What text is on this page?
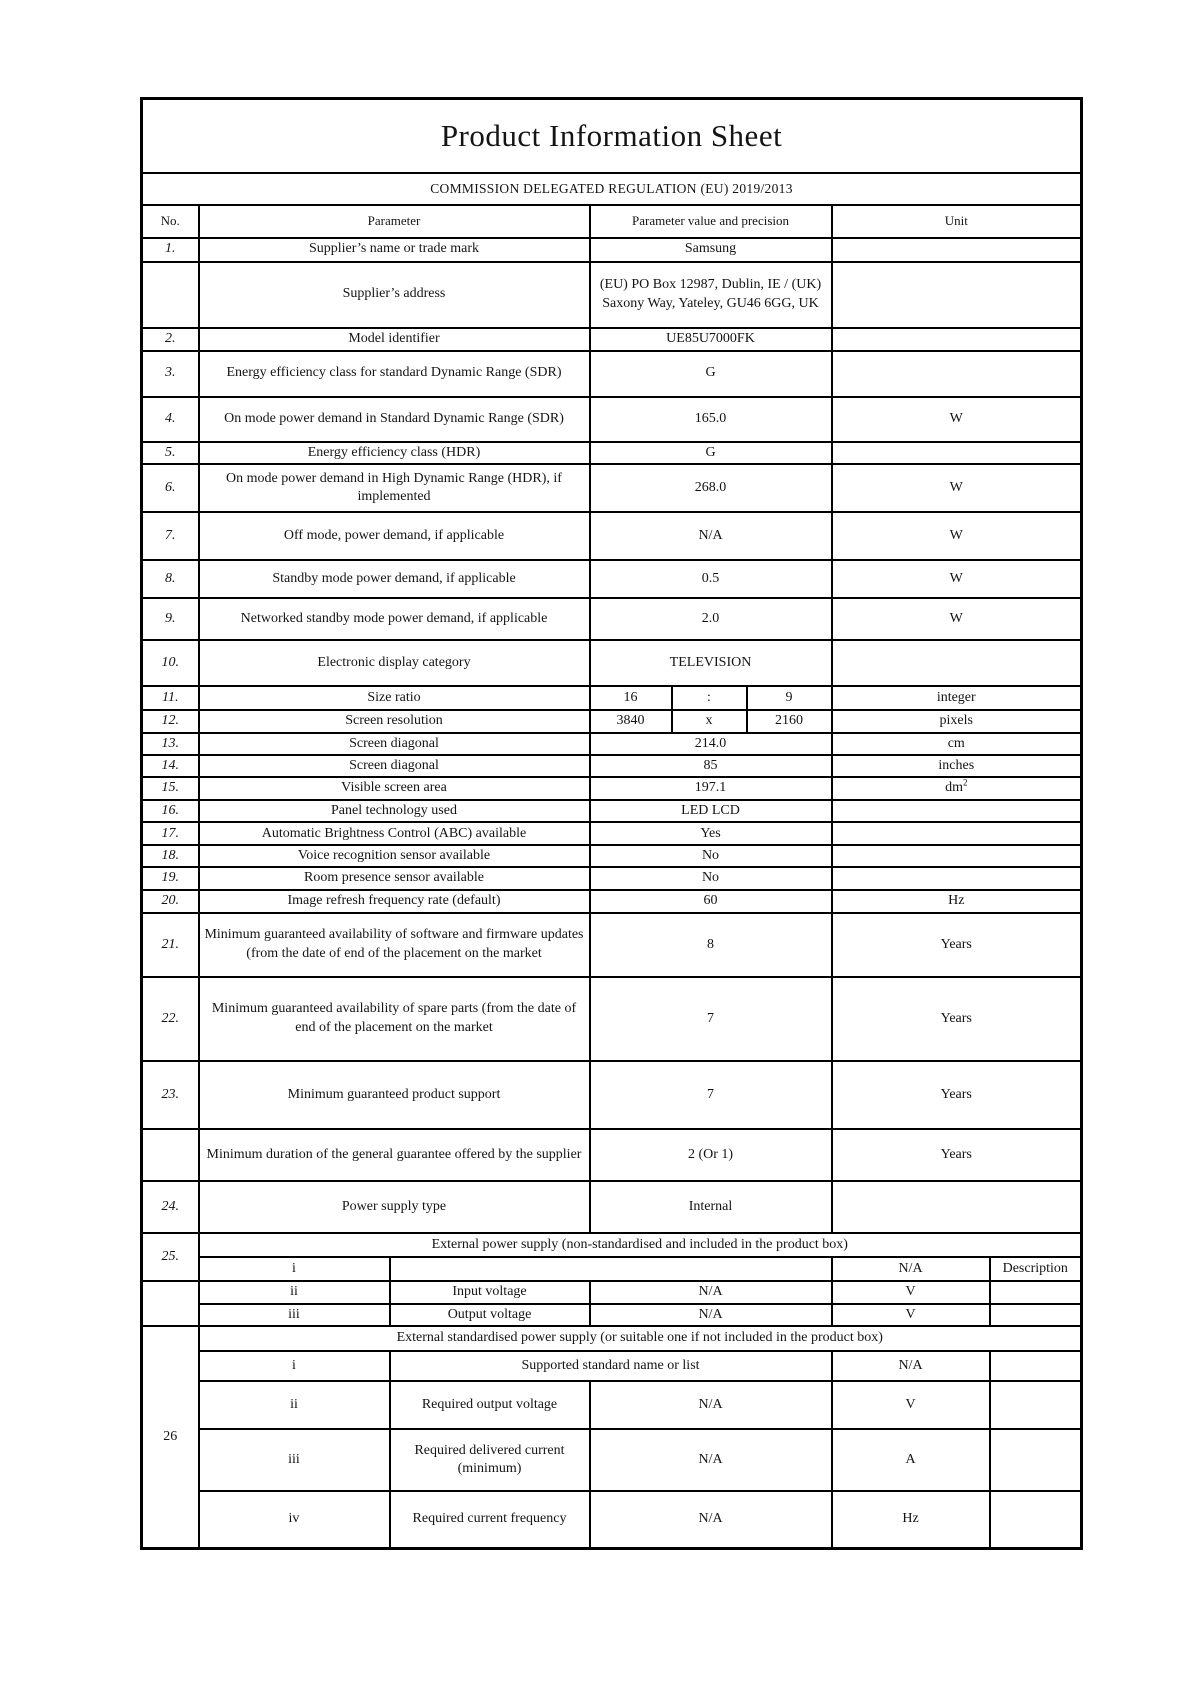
Product Information Sheet							
COMMISSION DELEGATED REGULATION (EU) 2019/2013							
No.	Parameter		Parameter value and precision			Unit	
1.	Supplier’s name or trade mark		Samsung				
	Supplier’s address		(EU) PO Box 12987, Dublin, IE / (UK) Saxony Way, Yateley, GU46 6GG, UK				
2.	Model identifier		UE85U7000FK				
3.	Energy efficiency class for standard Dynamic Range (SDR)		G				
4.	On mode power demand in Standard Dynamic Range (SDR)		165.0			W	
5.	Energy efficiency class (HDR)		G				
6.	On mode power demand in High Dynamic Range (HDR), if implemented		268.0			W	
7.	Off mode, power demand, if applicable		N/A			W	
8.	Standby mode power demand, if applicable		0.5			W	
9.	Networked standby mode power demand, if applicable		2.0			W	
10.	Electronic display category		TELEVISION				
11.	Size ratio		16	:	9	integer	
12.	Screen resolution		3840	x	2160	pixels	
13.	Screen diagonal		214.0			cm	
14.	Screen diagonal		85			inches	
15.	Visible screen area		197.1			$dm^2$
16.	Panel technology used		LED LCD				
17.	Automatic Brightness Control (ABC) available		Yes				
18.	Voice recognition sensor available		No				
19.	Room presence sensor available		No				
20.	Image refresh frequency rate (default)		60			Hz	
21.	Minimum guaranteed availability of software and firmware updates (from the date of end of the placement on the market		8			Years	
22.	Minimum guaranteed availability of spare parts (from the date of end of the placement on the market		7			Years	
23.	Minimum guaranteed product support		7			Years	
	Minimum duration of the general guarantee offered by the supplier		2 (Or 1)			Years	
24.	Power supply type		Internal				
25.	External power supply (non-standardised and included in the product box)						
	i					N/A	Description
	ii	Input voltage	N/A			V	
	iii	Output voltage	N/A			V	
26	External standardised power supply (or suitable one if not included in the product box)						
	i	Supported standard name or list				N/A	
	ii	Required output voltage	N/A			V	
	iii	Required delivered current (minimum)	N/A			A	
	iv	Required current frequency	N/A			Hz	
